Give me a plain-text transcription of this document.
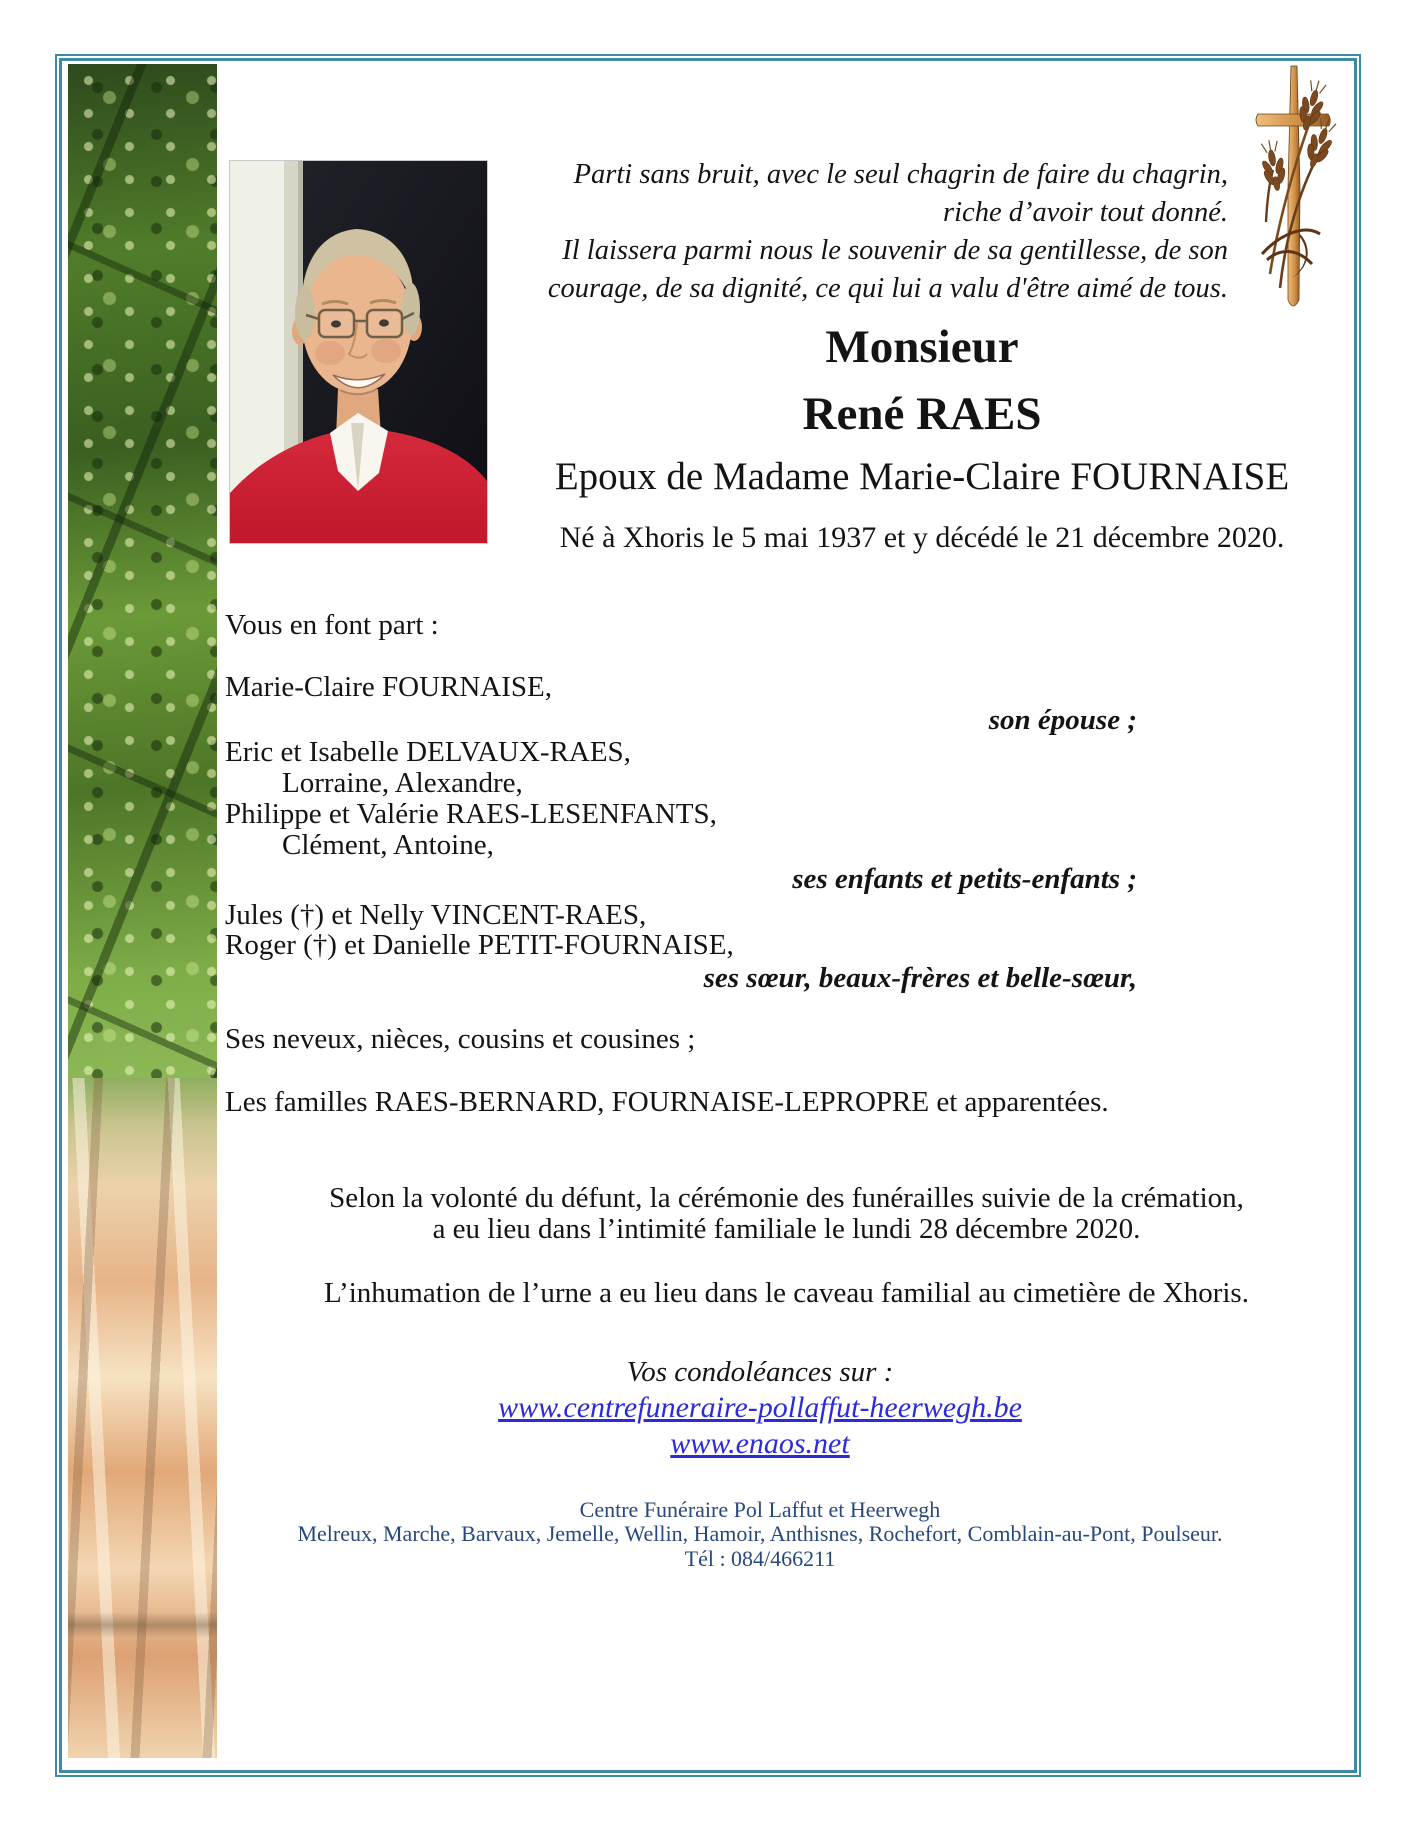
Parti sans bruit, avec le seul chagrin de faire du chagrin,
riche d’avoir tout donné.
Il laissera parmi nous le souvenir de sa gentillesse, de son
courage, de sa dignité, ce qui lui a valu d'être aimé de tous.
Monsieur
René RAES
Epoux de Madame Marie-Claire FOURNAISE
Né à Xhoris le 5 mai 1937 et y décédé le 21 décembre 2020.
Vous en font part :
Marie-Claire FOURNAISE,
son épouse ;
Eric et Isabelle DELVAUX-RAES,
Lorraine, Alexandre,
Philippe et Valérie RAES-LESENFANTS,
Clément, Antoine,
ses enfants et petits-enfants ;
Jules (†) et Nelly VINCENT-RAES,
Roger (†) et Danielle PETIT-FOURNAISE,
ses sœur, beaux-frères et belle-sœur,
Ses neveux, nièces, cousins et cousines ;
Les familles RAES-BERNARD, FOURNAISE-LEPROPRE et apparentées.
Selon la volonté du défunt, la cérémonie des funérailles suivie de la crémation,
a eu lieu dans l’intimité familiale le lundi 28 décembre 2020.
L’inhumation de l’urne a eu lieu dans le caveau familial au cimetière de Xhoris.
Vos condoléances sur :
www.centrefuneraire-pollaffut-heerwegh.be
www.enaos.net
Centre Funéraire Pol Laffut et Heerwegh
Melreux, Marche, Barvaux, Jemelle, Wellin, Hamoir, Anthisnes, Rochefort, Comblain-au-Pont, Poulseur.
Tél : 084/466211
